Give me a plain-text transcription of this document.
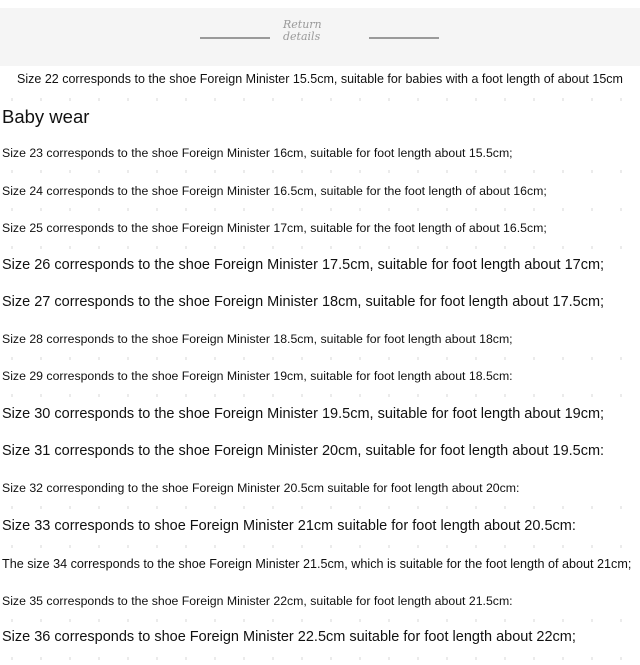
Return
details
Size 22 corresponds to the shoe Foreign Minister 15.5cm, suitable for babies with a foot length of about 15cm
Baby wear
Size 23 corresponds to the shoe Foreign Minister 16cm, suitable for foot length about 15.5cm;
Size 24 corresponds to the shoe Foreign Minister 16.5cm, suitable for the foot length of about 16cm;
Size 25 corresponds to the shoe Foreign Minister 17cm, suitable for the foot length of about 16.5cm;
Size 26 corresponds to the shoe Foreign Minister 17.5cm, suitable for foot length about 17cm;
Size 27 corresponds to the shoe Foreign Minister 18cm, suitable for foot length about 17.5cm;
Size 28 corresponds to the shoe Foreign Minister 18.5cm, suitable for foot length about 18cm;
Size 29 corresponds to the shoe Foreign Minister 19cm, suitable for foot length about 18.5cm:
Size 30 corresponds to the shoe Foreign Minister 19.5cm, suitable for foot length about 19cm;
Size 31 corresponds to the shoe Foreign Minister 20cm, suitable for foot length about 19.5cm:
Size 32 corresponding to the shoe Foreign Minister 20.5cm suitable for foot length about 20cm:
Size 33 corresponds to shoe Foreign Minister 21cm suitable for foot length about 20.5cm:
The size 34 corresponds to the shoe Foreign Minister 21.5cm, which is suitable for the foot length of about 21cm;
Size 35 corresponds to the shoe Foreign Minister 22cm, suitable for foot length about 21.5cm:
Size 36 corresponds to shoe Foreign Minister 22.5cm suitable for foot length about 22cm;
